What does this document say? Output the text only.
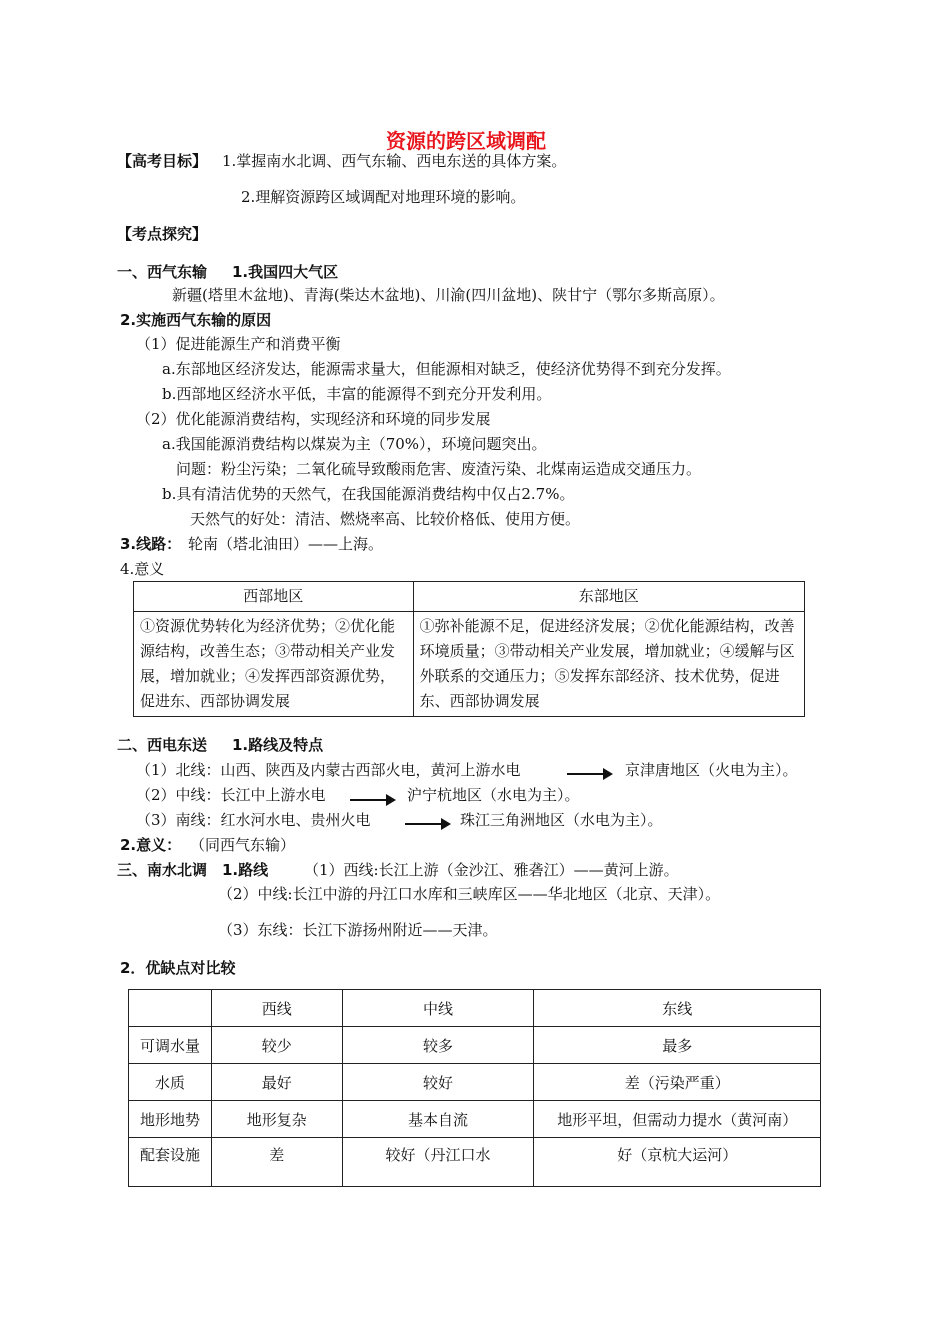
资源的跨区域调配
【高考目标】 1.掌握南水北调、西气东输、西电东送的具体方案。
2.理解资源跨区域调配对地理环境的影响。
【考点探究】
一、西气东输 1.我国四大气区
新疆(塔里木盆地)、青海(柴达木盆地)、川渝(四川盆地)、陕甘宁（鄂尔多斯高原）。
2.实施西气东输的原因
（1）促进能源生产和消费平衡
a.东部地区经济发达，能源需求量大，但能源相对缺乏，使经济优势得不到充分发挥。
b.西部地区经济水平低，丰富的能源得不到充分开发利用。
（2）优化能源消费结构，实现经济和环境的同步发展
a.我国能源消费结构以煤炭为主（70%），环境问题突出。
问题：粉尘污染；二氧化硫导致酸雨危害、废渣污染、北煤南运造成交通压力。
b.具有清洁优势的天然气，在我国能源消费结构中仅占2.7%。
天然气的好处：清洁、燃烧率高、比较价格低、使用方便。
3.线路： 轮南（塔北油田）——上海。
4.意义
西部地区	东部地区
①资源优势转化为经济优势；②优化能源结构，改善生态；③带动相关产业发展，增加就业；④发挥西部资源优势，促进东、西部协调发展	①弥补能源不足，促进经济发展；②优化能源结构，改善环境质量；③带动相关产业发展，增加就业；④缓解与区外联系的交通压力；⑤发挥东部经济、技术优势，促进东、西部协调发展
二、西电东送 1.路线及特点
（1）北线：山西、陕西及内蒙古西部火电，黄河上游水电	京津唐地区（火电为主）。
（2）中线：长江中上游水电	沪宁杭地区（水电为主）。
（3）南线：红水河水电、贵州火电	珠江三角洲地区（水电为主）。
2.意义： （同西气东输）
三、南水北调 1.路线 （1）西线:长江上游（金沙江、雅砻江）——黄河上游。
（2）中线:长江中游的丹江口水库和三峡库区——华北地区（北京、天津）。
（3）东线：长江下游扬州附近——天津。
2．优缺点对比较
	西线	中线	东线
可调水量	较少	较多	最多
水质	最好	较好	差（污染严重）
地形地势	地形复杂	基本自流	地形平坦，但需动力提水（黄河南）
配套设施	差	较好（丹江口水	好（京杭大运河）
